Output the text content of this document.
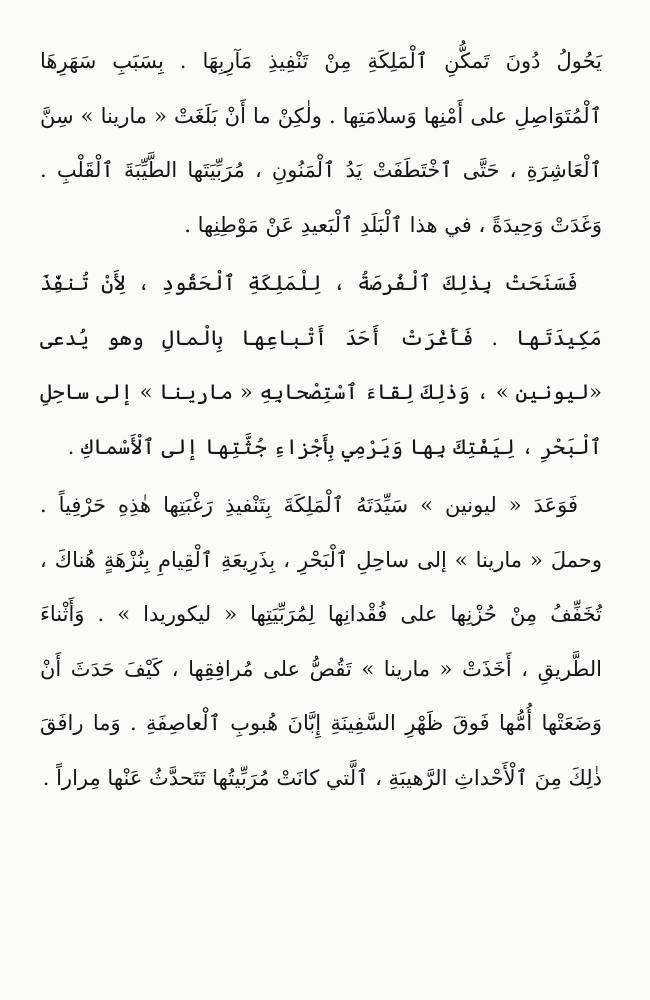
يَحُولُ دُونَ تَمكُّنِ ٱلْمَلِكَةِ مِنْ تَنْفِيذِ مَآرِبِهَا . بِسَبَبِ سَهَرِهَا ٱلْمُتَوَاصِلِ على أَمْنِها وَسلامَتِها . ولٰكِنْ ما أَنْ بَلَغَتْ « مارينا » سِنَّ ٱلْعَاشِرَةِ ، حَتَّى ٱخْتَطَفَتْ يَدُ ٱلْمَنُونِ ، مُرَبِّيَتَها الطَّيِّبَةَ ٱلْقَلْبِ . وَغَدَتْ وَحِيدَةً ، في هذا ٱلْبَلَدِ ٱلْبَعيدِ عَنْ مَوْطِنِها .

فَسَنَحَتْ بِذٰلِكَ ٱلْفُرصَةُ ، لِلْمَلِكَةِ ٱلْحَقُودِ ، لِأَنْ تُنفِّذَ مَكِيدَتَها . فَأَغْرَتْ أَحَدَ أَتْباعِها بِالْمالِ وهو يُدعى «ليونين » ، وَذٰلِكَ لِقاءَ ٱسْتِصْحابِهِ « مارينا » إلى ساحِلِ ٱلْبَحْرِ ، لِيَفْتِكَ بِها وَيَرْمِي بِأَجْزاءِ جُثَّتِها إلى ٱلْأَسْماكِ .

فَوَعَدَ « ليونين » سَيِّدَتَهُ ٱلْمَلِكَةَ بِتَنْفيذِ رَغْبَتِها هٰذِهِ حَرْفِياً . وحملَ « مارينا » إلى ساحِلِ ٱلْبَحْرِ ، بِذَرِيعَةِ ٱلْقِيامِ بِنُزْهَةٍ هُناكَ ، تُخَفِّفُ مِنْ حُزْنِها على فُقْدانِها لِمُرَبِّيَتِها « ليكوريدا » . وَأَثْناءَ الطَّريقِ ، أَخَذَتْ « مارينا » تَقُصُّ على مُرافِقِها ، كَيْفَ حَدَثَ أَنْ وَضَعَتْها أُمُّها فَوقَ ظَهْرِ السَّفِينَةِ إِبَّانَ هُبوبِ ٱلْعاصِفَةِ . وَما رافَقَ ذٰلِكَ مِنَ ٱلْأَحْداثِ الرَّهيبَةِ ، ٱلَّتي كانَتْ مُرَبِّيتُها تَتَحدَّثُ عَنْها مِراراً .
